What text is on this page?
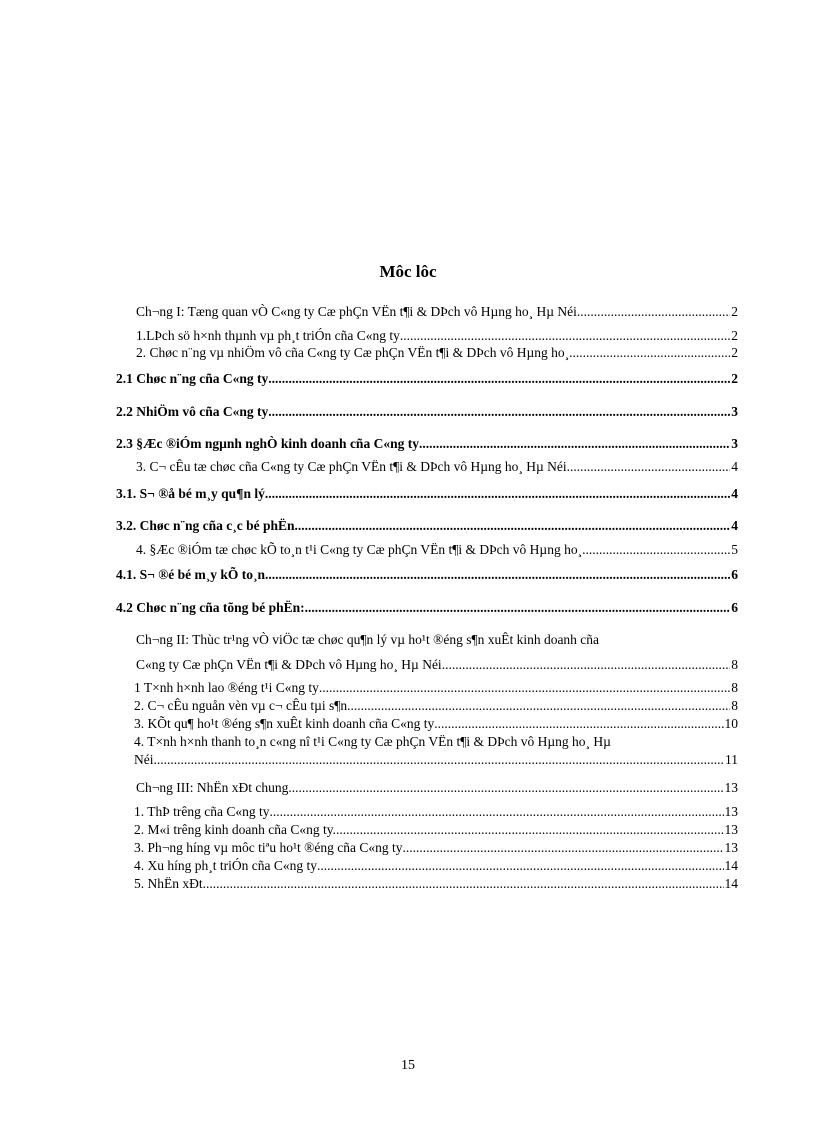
Môc lôc
Ch¬ng I: Tæng quan vÒ C«ng ty Cæ phÇn VËn t¶i & DÞch vô Hµng ho¸ Hµ Néi .....	2
1.LÞch sö h×nh thµnh vµ ph¸t triÓn cña C«ng ty .....	2
2. Chøc n¨ng vµ nhiÖm vô cña C«ng ty Cæ phÇn VËn t¶i & DÞch vô Hµng ho¸ .....	2
2.1 Chøc n¨ng cña C«ng ty .....	2
2.2 NhiÖm vô cña C«ng ty .....	3
2.3 §Æc ®iÓm ngµnh nghÒ kinh doanh cña C«ng ty .....	3
3. C¬ cÊu tæ chøc cña C«ng ty Cæ phÇn VËn t¶i & DÞch vô Hµng ho¸ Hµ Néi .....	4
3.1. S¬ ®å bé m¸y qu¶n lý .....	4
3.2. Chøc n¨ng cña c¸c bé phËn .....	4
4. §Æc ®iÓm tæ chøc kÕ to¸n t¹i C«ng ty Cæ phÇn VËn t¶i & DÞch vô Hµng ho¸ .....	5
4.1. S¬ ®é bé m¸y kÕ to¸n .....	6
4.2 Chøc n¨ng cña tõng bé phËn: .....	6
Ch¬ng II: Thùc tr¹ng vÒ viÖc tæ chøc qu¶n lý vµ ho¹t ®éng s¶n xuÊt kinh doanh cña
C«ng ty Cæ phÇn VËn t¶i & DÞch vô Hµng ho¸ Hµ Néi .....	8
1 T×nh h×nh lao ®éng t¹i C«ng ty .....	8
2. C¬ cÊu nguån vèn vµ c¬ cÊu tµi s¶n .....	8
3. KÕt qu¶ ho¹t ®éng s¶n xuÊt kinh doanh cña C«ng ty .....	10
4. T×nh h×nh thanh to¸n c«ng nî t¹i C«ng ty Cæ phÇn VËn t¶i & DÞch vô Hµng ho¸ Hµ
Néi .....	11
Ch¬ng III: NhËn xÐt chung .....	13
1. ThÞ trêng cña C«ng ty .....	13
2. M«i trêng kinh doanh cña C«ng ty. .....	13
3. Ph¬ng híng vµ môc tiªu ho¹t ®éng cña C«ng ty .....	13
4. Xu híng ph¸t triÓn cña C«ng ty .....	14
5. NhËn xÐt .....	14
15
